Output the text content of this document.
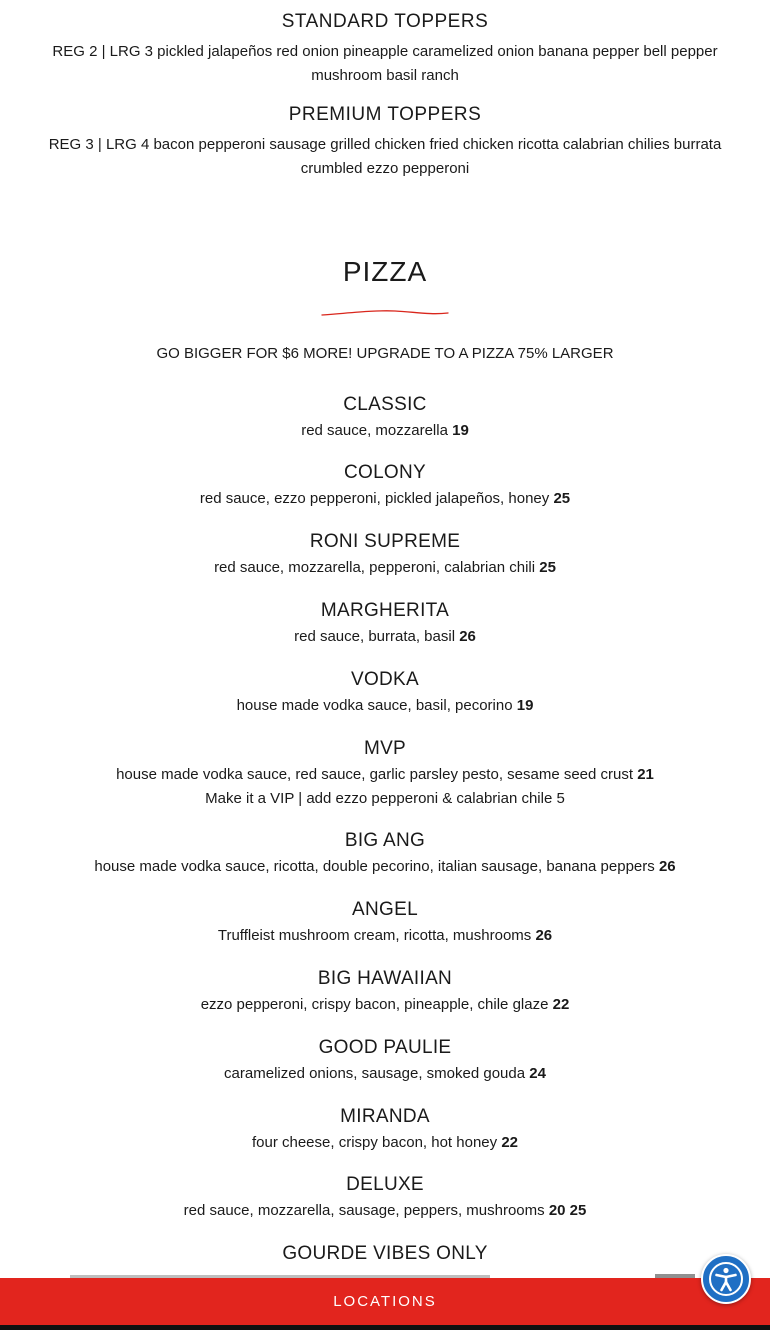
STANDARD TOPPERS
REG 2 | LRG 3 pickled jalapeños red onion pineapple caramelized onion banana pepper bell pepper mushroom basil ranch
PREMIUM TOPPERS
REG 3 | LRG 4 bacon pepperoni sausage grilled chicken fried chicken ricotta calabrian chilies burrata crumbled ezzo pepperoni
PIZZA
GO BIGGER FOR $6 MORE! UPGRADE TO A PIZZA 75% LARGER
CLASSIC
red sauce, mozzarella 19
COLONY
red sauce, ezzo pepperoni, pickled jalapeños, honey 25
RONI SUPREME
red sauce, mozzarella, pepperoni, calabrian chili 25
MARGHERITA
red sauce, burrata, basil 26
VODKA
house made vodka sauce, basil, pecorino 19
MVP
house made vodka sauce, red sauce, garlic parsley pesto, sesame seed crust 21
Make it a VIP | add ezzo pepperoni & calabrian chile 5
BIG ANG
house made vodka sauce, ricotta, double pecorino, italian sausage, banana peppers 26
ANGEL
Truffleist mushroom cream, ricotta, mushrooms 26
BIG HAWAIIAN
ezzo pepperoni, crispy bacon, pineapple, chile glaze 22
GOOD PAULIE
caramelized onions, sausage, smoked gouda 24
MIRANDA
four cheese, crispy bacon, hot honey 22
DELUXE
red sauce, mozzarella, sausage, peppers, mushrooms 20 25
GOURDE VIBES ONLY
LOCATIONS
